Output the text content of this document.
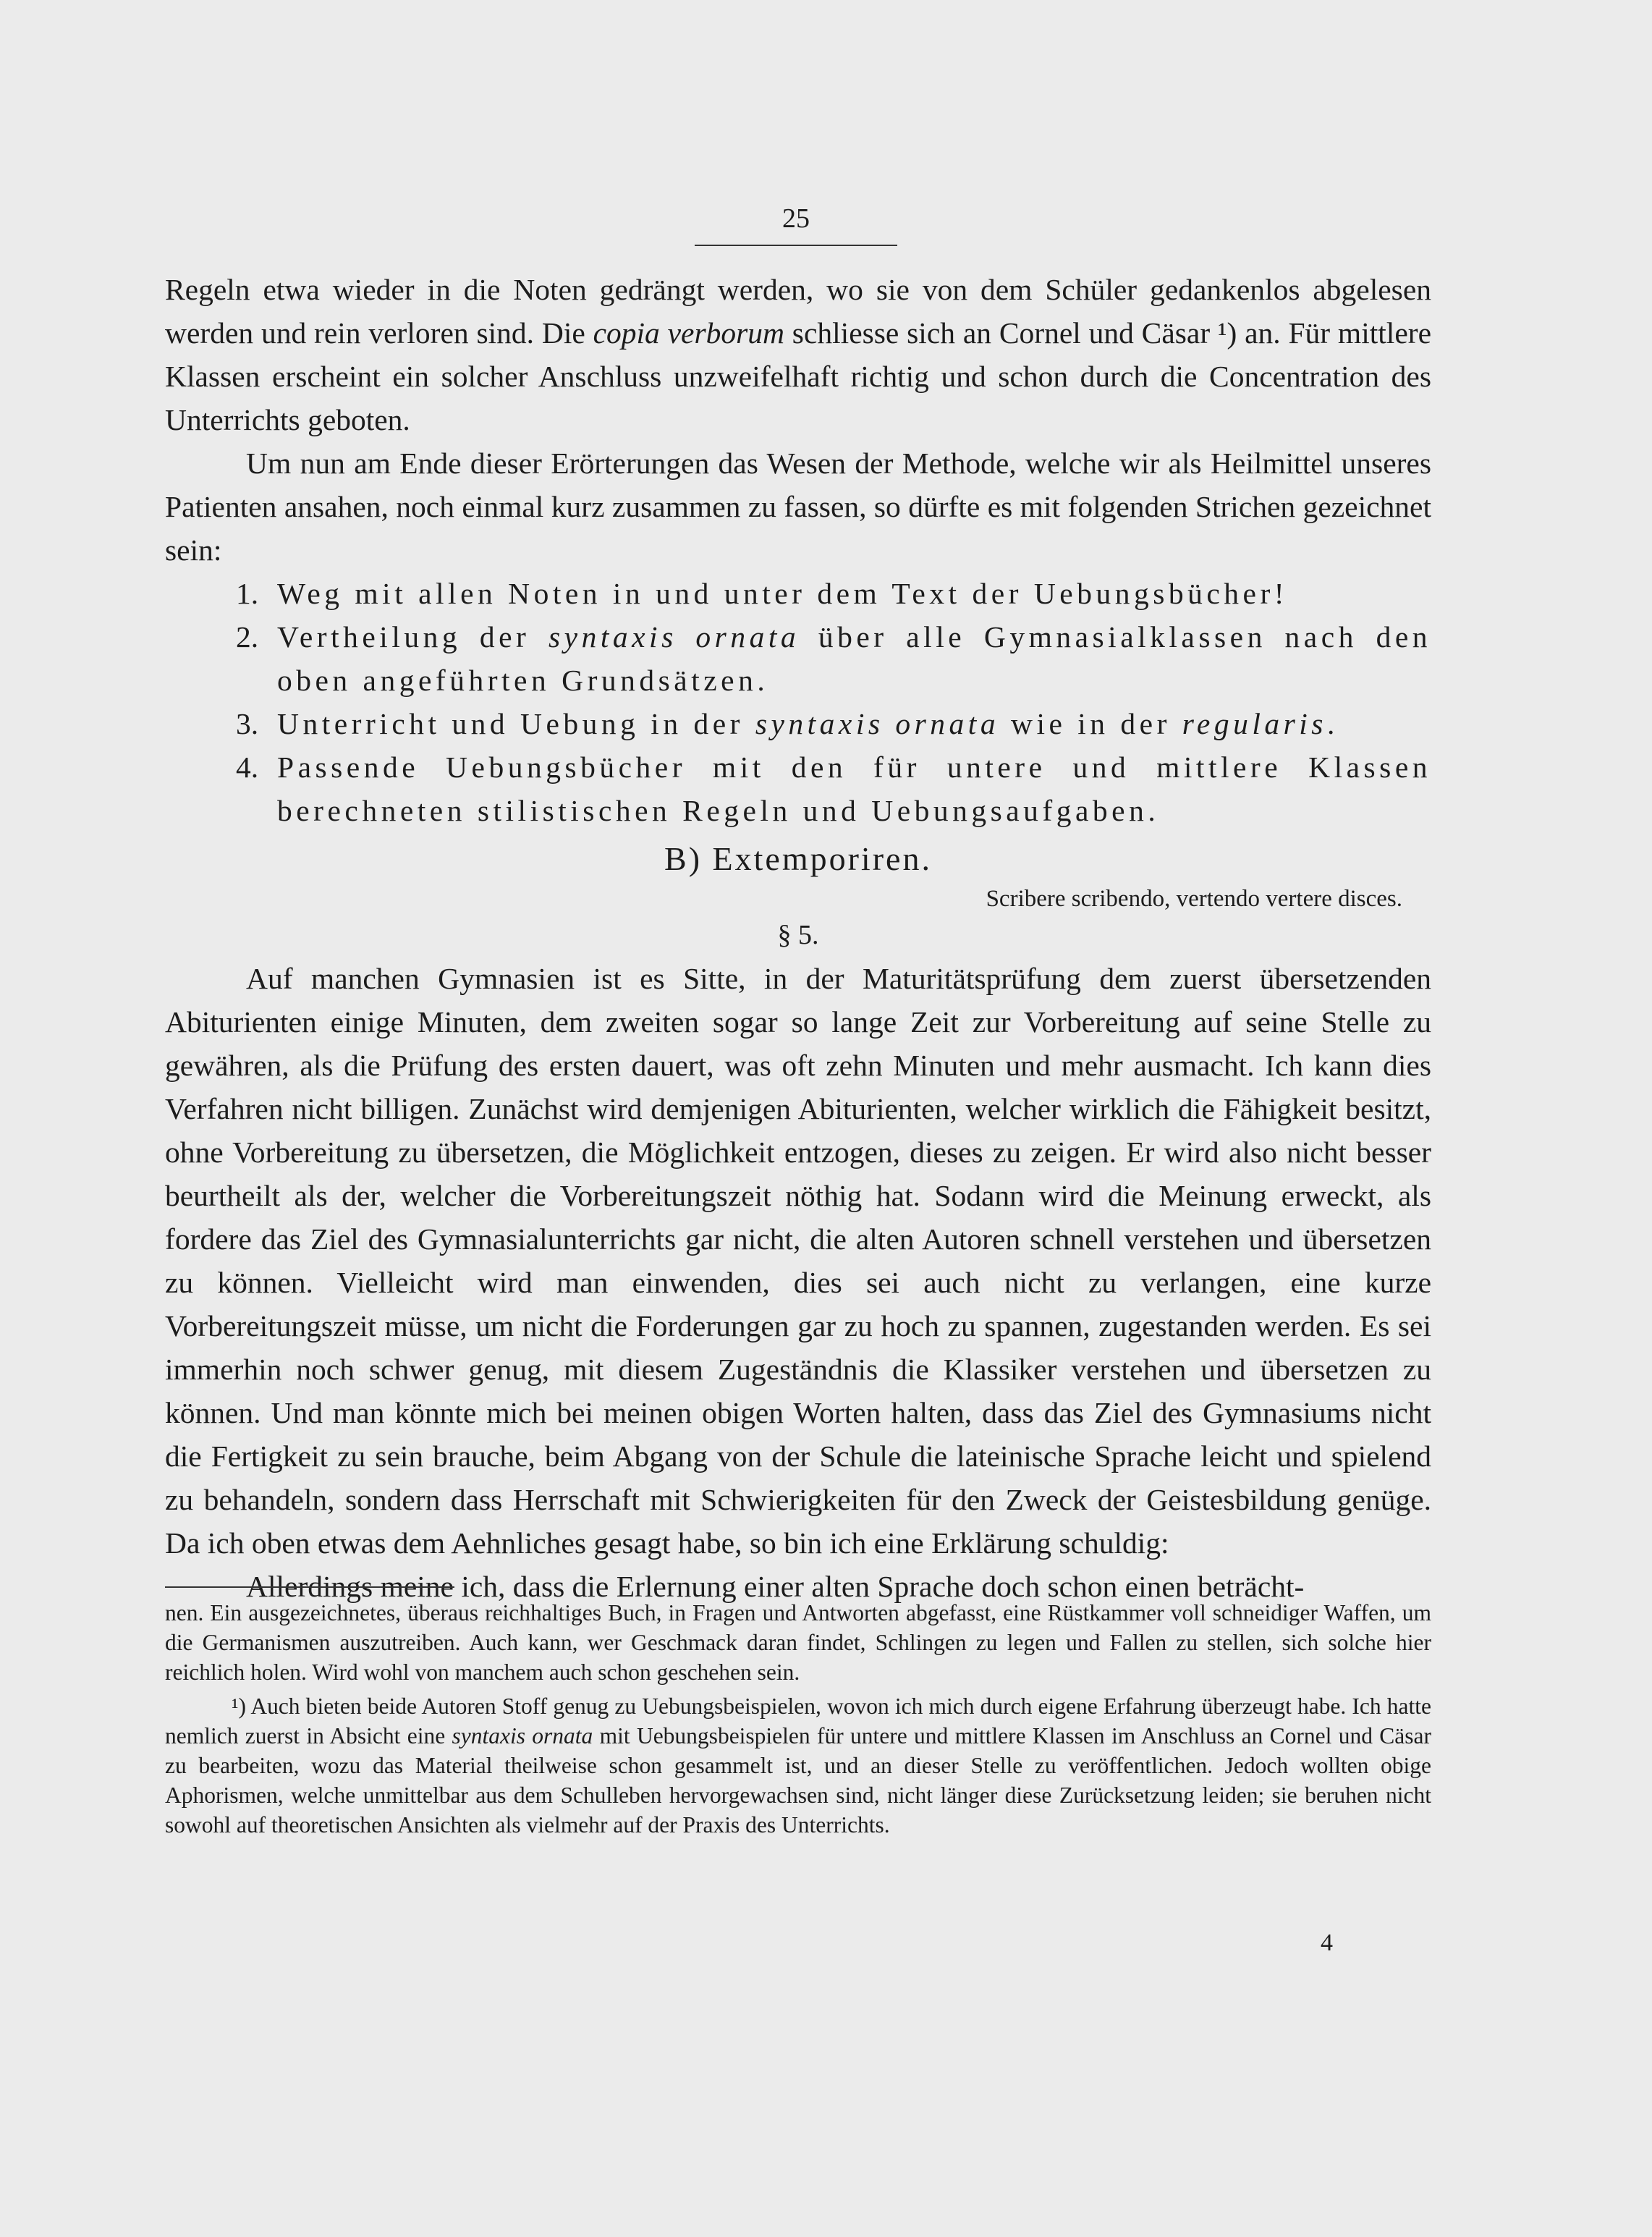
25

Regeln etwa wieder in die Noten gedrängt werden, wo sie von dem Schüler gedankenlos abgelesen werden und rein verloren sind. Die copia verborum schliesse sich an Cornel und Cäsar ¹) an. Für mittlere Klassen erscheint ein solcher Anschluss unzweifelhaft richtig und schon durch die Concentration des Unterrichts geboten.

Um nun am Ende dieser Erörterungen das Wesen der Methode, welche wir als Heilmittel unseres Patienten ansahen, noch einmal kurz zusammen zu fassen, so dürfte es mit folgenden Strichen gezeichnet sein:

1. Weg mit allen Noten in und unter dem Text der Uebungsbücher!
2. Vertheilung der syntaxis ornata über alle Gymnasialklassen nach den oben angeführten Grundsätzen.
3. Unterricht und Uebung in der syntaxis ornata wie in der regularis.
4. Passende Uebungsbücher mit den für untere und mittlere Klassen berechneten stilistischen Regeln und Uebungsaufgaben.
B) Extemporiren.
Scribere scribendo, vertendo vertere disces.
§ 5.

Auf manchen Gymnasien ist es Sitte, in der Maturitätsprüfung dem zuerst übersetzenden Abiturienten einige Minuten, dem zweiten sogar so lange Zeit zur Vorbereitung auf seine Stelle zu gewähren, als die Prüfung des ersten dauert, was oft zehn Minuten und mehr ausmacht. Ich kann dies Verfahren nicht billigen. Zunächst wird demjenigen Abiturienten, welcher wirklich die Fähigkeit besitzt, ohne Vorbereitung zu übersetzen, die Möglichkeit entzogen, dieses zu zeigen. Er wird also nicht besser beurtheilt als der, welcher die Vorbereitungszeit nöthig hat. Sodann wird die Meinung erweckt, als fordere das Ziel des Gymnasialunterrichts gar nicht, die alten Autoren schnell verstehen und übersetzen zu können. Vielleicht wird man einwenden, dies sei auch nicht zu verlangen, eine kurze Vorbereitungszeit müsse, um nicht die Forderungen gar zu hoch zu spannen, zugestanden werden. Es sei immerhin noch schwer genug, mit diesem Zugeständnis die Klassiker verstehen und übersetzen zu können. Und man könnte mich bei meinen obigen Worten halten, dass das Ziel des Gymnasiums nicht die Fertigkeit zu sein brauche, beim Abgang von der Schule die lateinische Sprache leicht und spielend zu behandeln, sondern dass Herrschaft mit Schwierigkeiten für den Zweck der Geistesbildung genüge. Da ich oben etwas dem Aehnliches gesagt habe, so bin ich eine Erklärung schuldig:

Allerdings meine ich, dass die Erlernung einer alten Sprache doch schon einen beträcht-

nen. Ein ausgezeichnetes, überaus reichhaltiges Buch, in Fragen und Antworten abgefasst, eine Rüstkammer voll schneidiger Waffen, um die Germanismen auszutreiben. Auch kann, wer Geschmack daran findet, Schlingen zu legen und Fallen zu stellen, sich solche hier reichlich holen. Wird wohl von manchem auch schon geschehen sein.

¹) Auch bieten beide Autoren Stoff genug zu Uebungsbeispielen, wovon ich mich durch eigene Erfahrung überzeugt habe. Ich hatte nemlich zuerst in Absicht eine syntaxis ornata mit Uebungsbeispielen für untere und mittlere Klassen im Anschluss an Cornel und Cäsar zu bearbeiten, wozu das Material theilweise schon gesammelt ist, und an dieser Stelle zu veröffentlichen. Jedoch wollten obige Aphorismen, welche unmittelbar aus dem Schulleben hervorgewachsen sind, nicht länger diese Zurücksetzung leiden; sie beruhen nicht sowohl auf theoretischen Ansichten als vielmehr auf der Praxis des Unterrichts.

4
